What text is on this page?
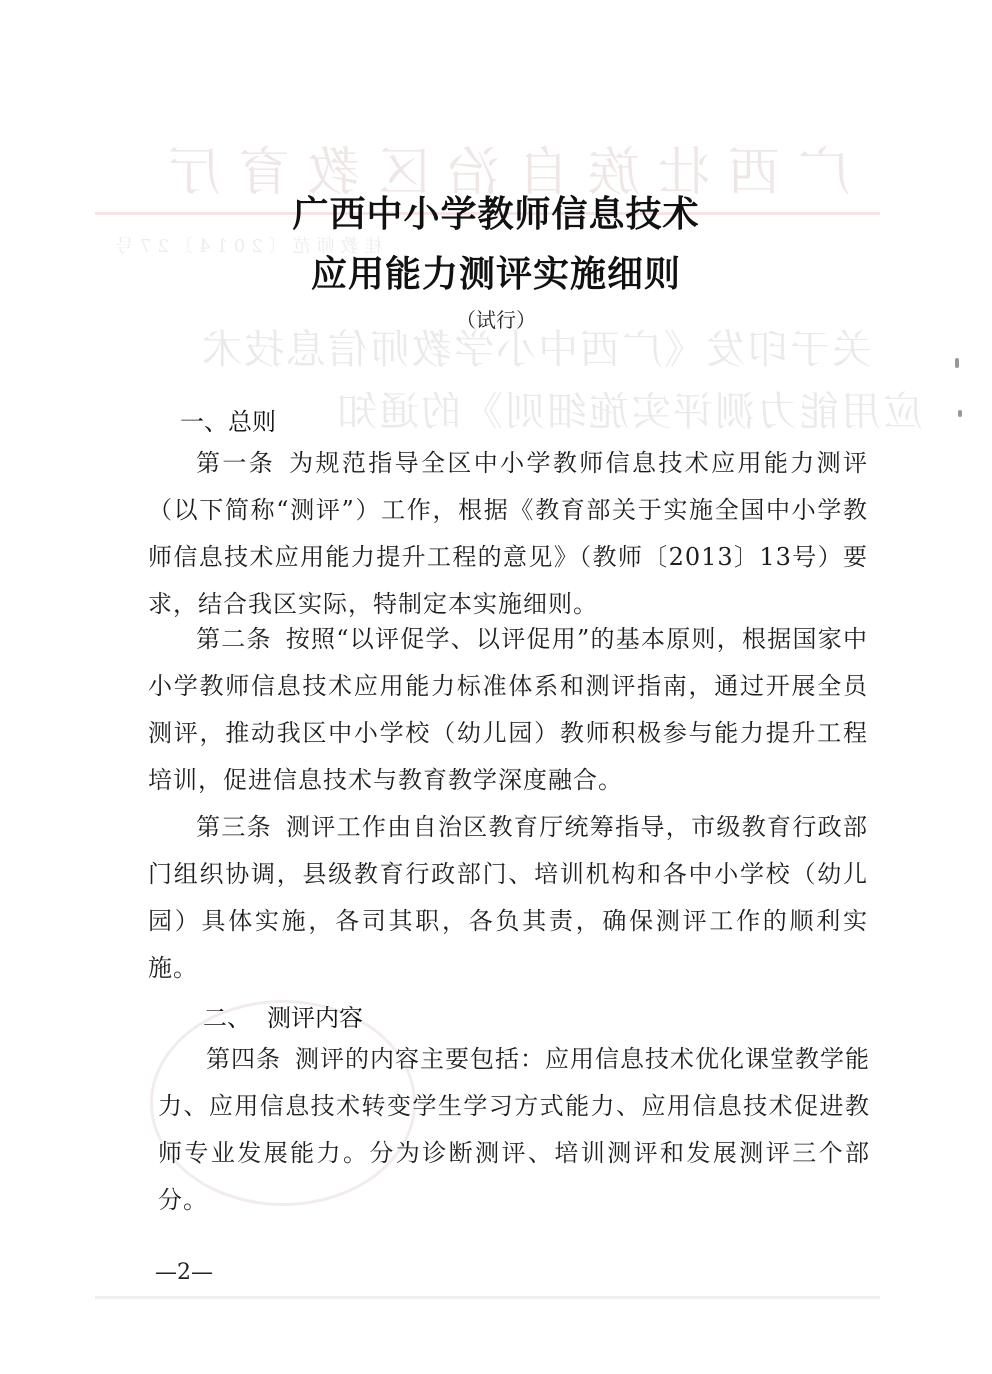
广西壮族自治区教育厅
桂教师范〔2014〕27号
关于印发《广西中小学教师信息技术
应用能力测评实施细则》的通知
广西中小学教师信息技术
应用能力测评实施细则
（试行）
一、总则
第一条 为规范指导全区中小学教师信息技术应用能力测评（以下简称“测评”）工作，根据《教育部关于实施全国中小学教师信息技术应用能力提升工程的意见》（教师〔2013〕13号）要求，结合我区实际，特制定本实施细则。
第二条 按照“以评促学、以评促用”的基本原则，根据国家中小学教师信息技术应用能力标准体系和测评指南，通过开展全员测评，推动我区中小学校（幼儿园）教师积极参与能力提升工程培训，促进信息技术与教育教学深度融合。
第三条 测评工作由自治区教育厅统筹指导，市级教育行政部门组织协调，县级教育行政部门、培训机构和各中小学校（幼儿园）具体实施，各司其职，各负其责，确保测评工作的顺利实施。
二、 测评内容
第四条 测评的内容主要包括：应用信息技术优化课堂教学能力、应用信息技术转变学生学习方式能力、应用信息技术促进教师专业发展能力。分为诊断测评、培训测评和发展测评三个部分。
—2—
